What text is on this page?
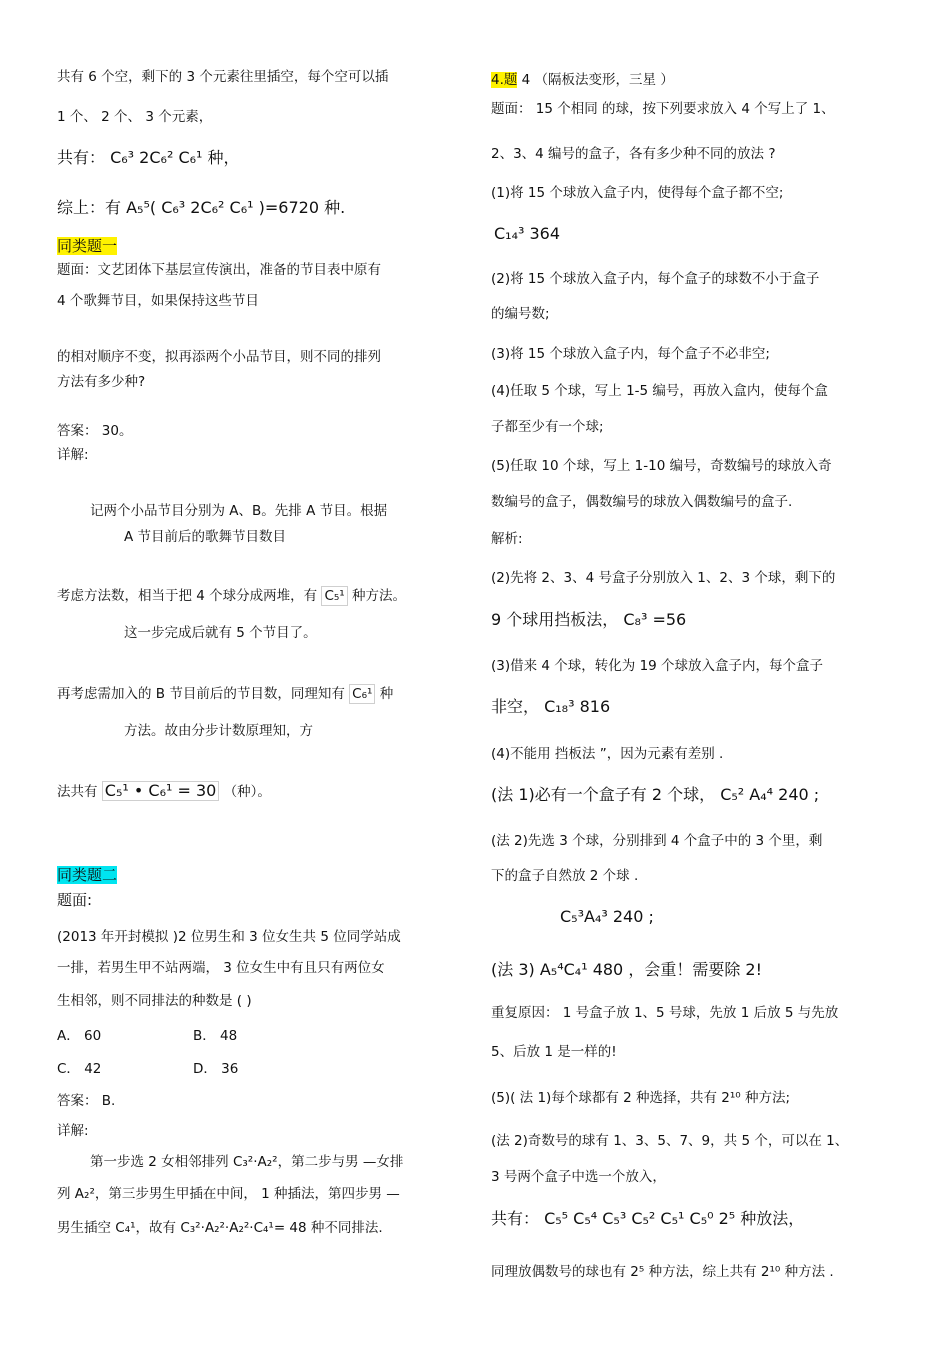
共有 6 个空，剩下的 3 个元素往里插空，每个空可以插
1 个、 2 个、 3 个元素，
共有： C₆³ 2C₆² C₆¹ 种，
综上：有 A₅⁵( C₆³ 2C₆² C₆¹ )=6720 种.
同类题一
题面：文艺团体下基层宣传演出，准备的节目表中原有
4 个歌舞节目，如果保持这些节目
的相对顺序不变，拟再添两个小品节目，则不同的排列
方法有多少种?
答案： 30。
详解:
记两个小品节目分别为 A、B。先排 A 节目。根据
A 节目前后的歌舞节目数目
考虑方法数，相当于把 4 个球分成两堆，有 C₅¹ 种方法。
这一步完成后就有 5 个节目了。
再考虑需加入的 B 节目前后的节目数，同理知有 C₆¹ 种
方法。故由分步计数原理知，方
法共有 C₅¹ • C₆¹ = 30 （种）。
同类题二
题面:
(2013 年开封模拟 )2 位男生和 3 位女生共 5 位同学站成
一排，若男生甲不站两端， 3 位女生中有且只有两位女
生相邻，则不同排法的种数是 ( )
A． 60	B． 48
C． 42	D． 36
答案： B.
详解:
第一步选 2 女相邻排列 C₃²·A₂²，第二步与男 —女排
列 A₂²，第三步男生甲插在中间， 1 种插法，第四步男 —
男生插空 C₄¹，故有 C₃²·A₂²·A₂²·C₄¹= 48 种不同排法.
4.题 4 （隔板法变形，三星 ）
题面： 15 个相同 的球，按下列要求放入 4 个写上了 1、
2、3、4 编号的盒子，各有多少种不同的放法 ?
(1)将 15 个球放入盒子内，使得每个盒子都不空;
C₁₄³ 364
(2)将 15 个球放入盒子内，每个盒子的球数不小于盒子
的编号数;
(3)将 15 个球放入盒子内，每个盒子不必非空;
(4)任取 5 个球，写上 1-5 编号，再放入盒内，使每个盒
子都至少有一个球;
(5)任取 10 个球，写上 1-10 编号，奇数编号的球放入奇
数编号的盒子，偶数编号的球放入偶数编号的盒子.
解析:
(2)先将 2、3、4 号盒子分别放入 1、2、3 个球，剩下的
9 个球用挡板法， C₈³ =56
(3)借来 4 个球，转化为 19 个球放入盒子内，每个盒子
非空， C₁₈³ 816
(4)不能用 挡板法 ”，因为元素有差别 .
(法 1)必有一个盒子有 2 个球， C₅² A₄⁴ 240 ;
(法 2)先选 3 个球，分别排到 4 个盒子中的 3 个里，剩
下的盒子自然放 2 个球 .
C₅³A₄³ 240 ;
(法 3) A₅⁴C₄¹ 480 ，会重！需要除 2!
重复原因： 1 号盒子放 1、5 号球，先放 1 后放 5 与先放
5、后放 1 是一样的!
(5)( 法 1)每个球都有 2 种选择，共有 2¹⁰ 种方法;
(法 2)奇数号的球有 1、3、5、7、9，共 5 个，可以在 1、
3 号两个盒子中选一个放入，
共有： C₅⁵ C₅⁴ C₅³ C₅² C₅¹ C₅⁰ 2⁵ 种放法，
同理放偶数号的球也有 2⁵ 种方法，综上共有 2¹⁰ 种方法 .
